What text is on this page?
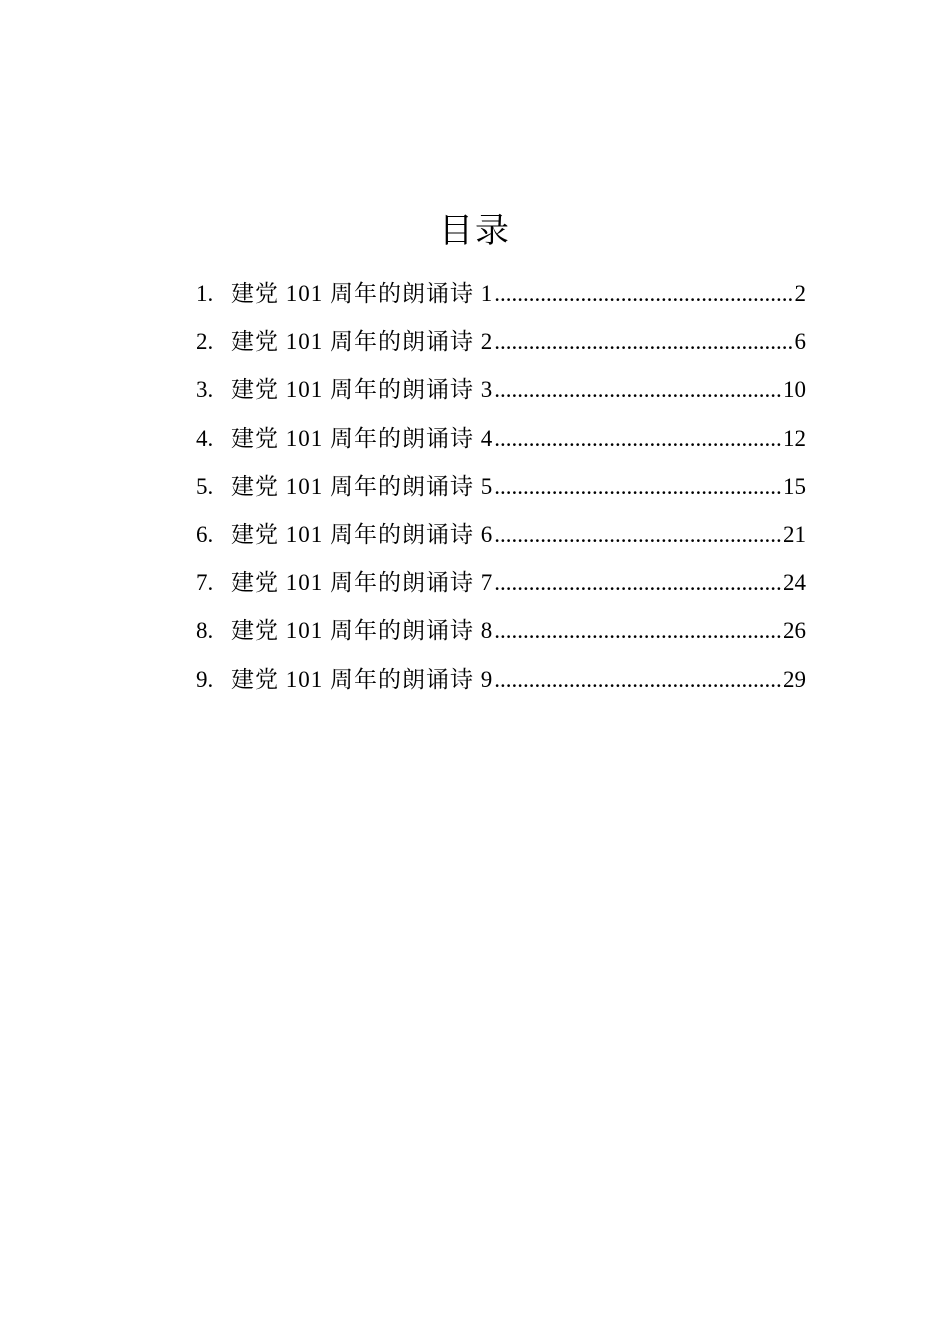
目录
1. 建党 101 周年的朗诵诗 1 .....	2
2. 建党 101 周年的朗诵诗 2 .....	6
3. 建党 101 周年的朗诵诗 3 .....	10
4. 建党 101 周年的朗诵诗 4 .....	12
5. 建党 101 周年的朗诵诗 5 .....	15
6. 建党 101 周年的朗诵诗 6 .....	21
7. 建党 101 周年的朗诵诗 7 .....	24
8. 建党 101 周年的朗诵诗 8 .....	26
9. 建党 101 周年的朗诵诗 9 .....	29
